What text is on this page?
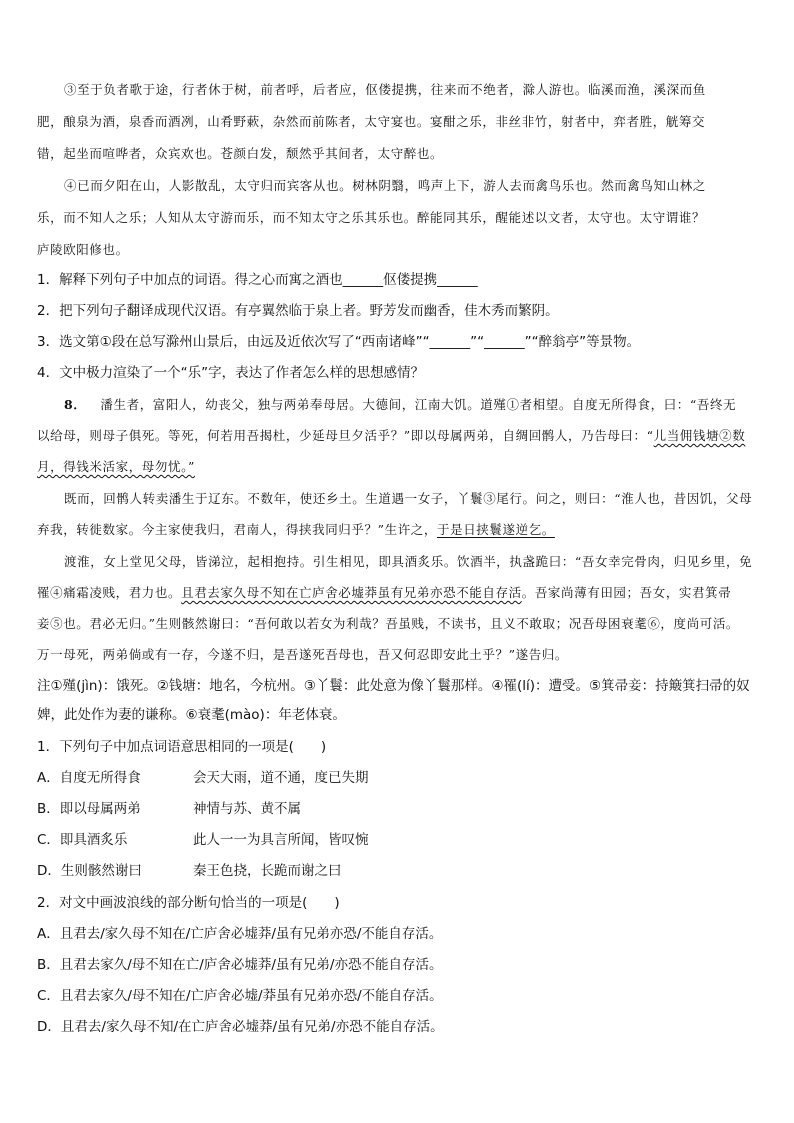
③至于负者歌于途，行者休于树，前者呼，后者应，伛偻提携，往来而不绝者，滁人游也。临溪而渔，溪深而鱼
肥，酿泉为酒，泉香而酒冽，山肴野蔌，杂然而前陈者，太守宴也。宴酣之乐，非丝非竹，射者中，弈者胜，觥筹交
错，起坐而喧哗者，众宾欢也。苍颜白发，颓然乎其间者，太守醉也。
④已而夕阳在山，人影散乱，太守归而宾客从也。树林阴翳，鸣声上下，游人去而禽鸟乐也。然而禽鸟知山林之
乐，而不知人之乐；人知从太守游而乐，而不知太守之乐其乐也。醉能同其乐，醒能述以文者，太守也。太守谓谁？
庐陵欧阳修也。
1．解释下列句子中加点的词语。得之心而寓之酒也______伛偻提携______
2．把下列句子翻译成现代汉语。有亭翼然临于泉上者。野芳发而幽香，佳木秀而繁阴。
3．选文第①段在总写滁州山景后，由远及近依次写了“西南诸峰”“______”“______”“醉翁亭”等景物。
4．文中极力渲染了一个“乐”字，表达了作者怎么样的思想感情？
8． 潘生者，富阳人，幼丧父，独与两弟奉母居。大德间，江南大饥。道殣①者相望。自度无所得食，曰：“吾终无
以给母，则母子俱死。等死，何若用吾揭杜，少延母旦夕活乎？”即以母属两弟，自绸回鹘人，乃告母曰：“儿当佣钱塘②数
月，得钱米活家，母勿忧。”
既而，回鹘人转卖潘生于辽东。不数年，使还乡土。生道遇一女子，丫鬟③尾行。问之，则曰：“淮人也，昔因饥，父母
弃我，转徙数家。今主家使我归，君南人，得挟我同归乎？”生许之，于是日挟鬟遂逆乞。
渡淮，女上堂见父母，皆涕泣，起相抱持。引生相见，即具酒炙乐。饮酒半，执盏跪曰：“吾女幸完骨肉，归见乡里，免
罹④痛霜凌贱，君力也。且君去家久母不知在亡庐舍必墟莽虽有兄弟亦恐不能自存活。吾家尚薄有田园；吾女，实君箕帚
妾⑤也。君必无归。”生则骸然谢曰：“吾何敢以若女为利哉？吾虽贱，不读书，且义不敢取；况吾母困衰耄⑥，度尚可活。
万一母死，两弟倘或有一存，今遂不归，是吾遂死吾母也，吾又何忍即安此土乎？”遂告归。
注①殣(jìn)：饿死。②钱塘：地名，今杭州。③丫鬟：此处意为像丫鬟那样。④罹(lí)：遭受。⑤箕帚妾：持簸箕扫帚的奴
婢，此处作为妻的谦称。⑥衰耄(mào)：年老体衰。
1．下列句子中加点词语意思相同的一项是(　　)
A．自度无所得食	会天大雨，道不通，度已失期
B．即以母属两弟	神情与苏、黄不属
C．即具酒炙乐	此人一一为具言所闻，皆叹惋
D．生则骸然谢曰	秦王色挠，长跪而谢之曰
2．对文中画波浪线的部分断句恰当的一项是(　　)
A．且君去/家久母不知在/亡庐舍必墟莽/虽有兄弟亦恐/不能自存活。
B．且君去家久/母不知在亡/庐舍必墟莽/虽有兄弟/亦恐不能自存活。
C．且君去家久/母不知在/亡庐舍必墟/莽虽有兄弟亦恐/不能自存活。
D．且君去/家久母不知/在亡庐舍必墟莽/虽有兄弟/亦恐不能自存活。
